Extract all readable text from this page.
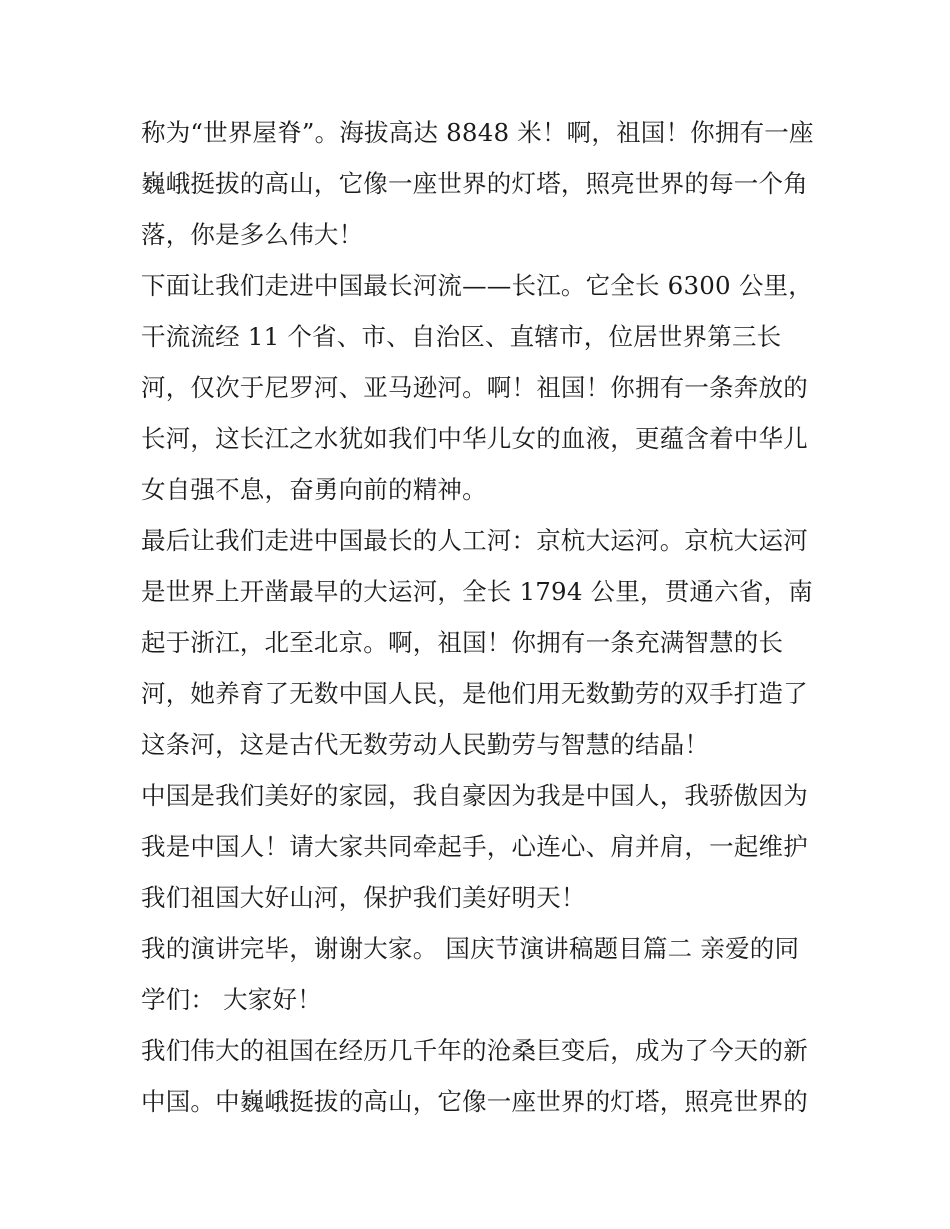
称为“世界屋脊”。海拔高达 8848 米！啊，祖国！你拥有一座
巍峨挺拔的高山，它像一座世界的灯塔，照亮世界的每一个角
落，你是多么伟大！
下面让我们走进中国最长河流——长江。它全长 6300 公里，
干流流经 11 个省、市、自治区、直辖市，位居世界第三长
河，仅次于尼罗河、亚马逊河。啊！祖国！你拥有一条奔放的
长河，这长江之水犹如我们中华儿女的血液，更蕴含着中华儿
女自强不息，奋勇向前的精神。
最后让我们走进中国最长的人工河：京杭大运河。京杭大运河
是世界上开凿最早的大运河，全长 1794 公里，贯通六省，南
起于浙江，北至北京。啊，祖国！你拥有一条充满智慧的长
河，她养育了无数中国人民，是他们用无数勤劳的双手打造了
这条河，这是古代无数劳动人民勤劳与智慧的结晶！
中国是我们美好的家园，我自豪因为我是中国人，我骄傲因为
我是中国人！请大家共同牵起手，心连心、肩并肩，一起维护
我们祖国大好山河，保护我们美好明天！
我的演讲完毕，谢谢大家。 国庆节演讲稿题目篇二 亲爱的同
学们： 大家好！
我们伟大的祖国在经历几千年的沧桑巨变后，成为了今天的新
中国。中巍峨挺拔的高山，它像一座世界的灯塔，照亮世界的
